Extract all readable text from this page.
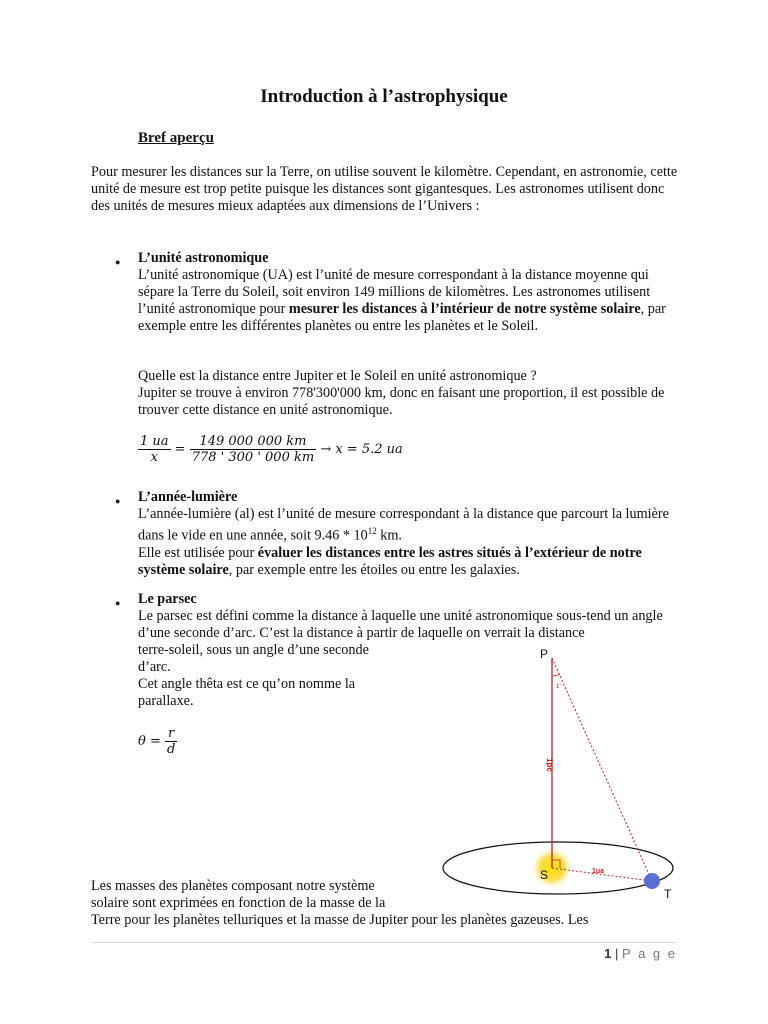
Introduction à l’astrophysique
Bref aperçu
Pour mesurer les distances sur la Terre, on utilise souvent le kilomètre. Cependant, en astronomie, cette unité de mesure est trop petite puisque les distances sont gigantesques. Les astronomes utilisent donc des unités de mesures mieux adaptées aux dimensions de l’Univers :
● L’unité astronomique
L’unité astronomique (UA) est l’unité de mesure correspondant à la distance moyenne qui sépare la Terre du Soleil, soit environ 149 millions de kilomètres. Les astronomes utilisent l’unité astronomique pour mesurer les distances à l’intérieur de notre système solaire, par exemple entre les différentes planètes ou entre les planètes et le Soleil.
Quelle est la distance entre Jupiter et le Soleil en unité astronomique ?
Jupiter se trouve à environ 778'300'000 km, donc en faisant une proportion, il est possible de trouver cette distance en unité astronomique.
$\frac{1 ua}{x} = \frac{149 000 000 km}{778 ' 300 ' 000 km} \to x = 5.2$ ua
● L’année-lumière
L’année-lumière (al) est l’unité de mesure correspondant à la distance que parcourt la lumière dans le vide en une année, soit $9.46 * 10^{12}$ km.
Elle est utilisée pour évaluer les distances entre les astres situés à l’extérieur de notre système solaire, par exemple entre les étoiles ou entre les galaxies.
● Le parsec
Le parsec est défini comme la distance à laquelle une unité astronomique sous-tend un angle d’une seconde d’arc. C’est la distance à partir de laquelle on verrait la distance
terre-soleil, sous un angle d’une seconde d’arc.
Cet angle thêta est ce qu’on nomme la parallaxe.
$\theta = \frac{r}{d}$
P
1"
1pc
1ua
S
T
Les masses des planètes composant notre système solaire sont exprimées en fonction de la masse de la
Terre pour les planètes telluriques et la masse de Jupiter pour les planètes gazeuses. Les
1 | P a g e
